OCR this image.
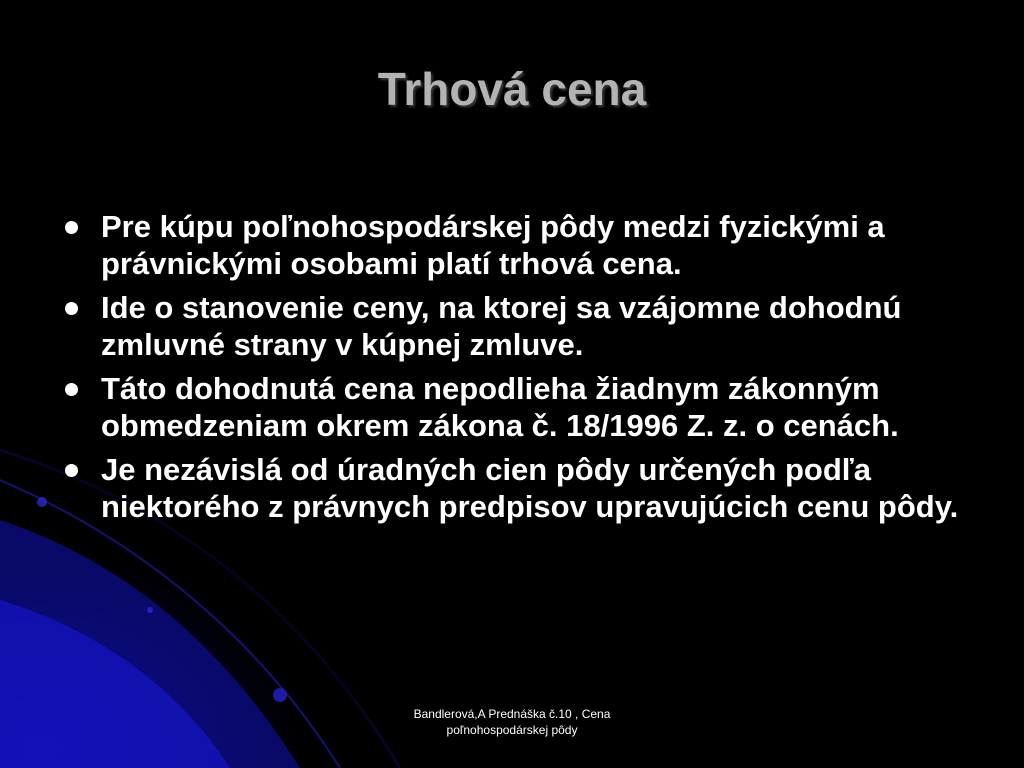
Trhová cena
Pre kúpu poľnohospodárskej pôdy medzi fyzickými a právnickými osobami platí trhová cena.
Ide o stanovenie ceny, na ktorej sa vzájomne dohodnú zmluvné strany v kúpnej zmluve.
Táto dohodnutá cena nepodlieha žiadnym zákonným obmedzeniam okrem zákona č. 18/1996 Z. z. o cenách.
Je nezávislá od úradných cien pôdy určených podľa niektorého z právnych predpisov upravujúcich cenu pôdy.
Bandlerová,A Prednáška č.10 , Cena
poľnohospodárskej pôdy
